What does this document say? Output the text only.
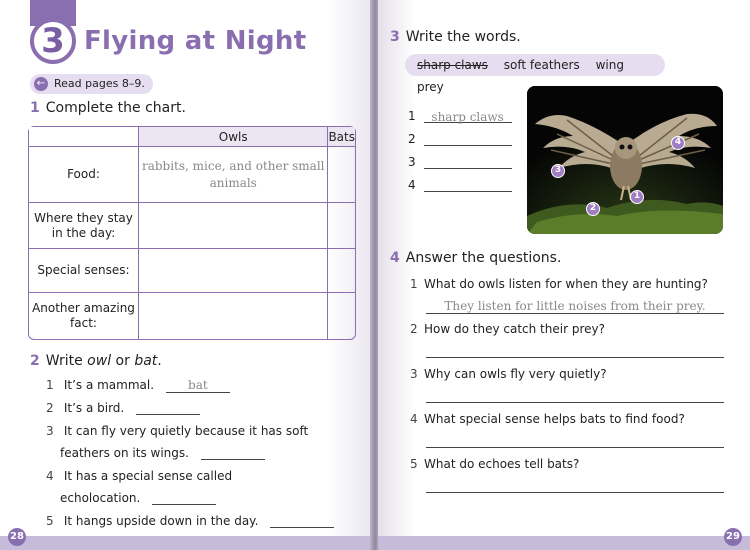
3 Flying at Night
← Read pages 8–9.
1 Complete the chart.
	Owls	Bats
Food:	rabbits, mice, and other small animals	
Where they stay in the day:		
Special senses:		
Another amazing fact:		
2 Write owl or bat.
1 It’s a mammal.	bat
2 It’s a bird.
3 It can fly very quietly because it has soft
feathers on its wings.
4 It has a special sense called
echolocation.
5 It hangs upside down in the day.
28	29
3 Write the words.
sharp claws soft feathers wing prey
1 sharp claws
2
3
4
1
2
3
4
4 Answer the questions.
1 What do owls listen for when they are hunting?
They listen for little noises from their prey.
2 How do they catch their prey?
3 Why can owls fly very quietly?
4 What special sense helps bats to find food?
5 What do echoes tell bats?
